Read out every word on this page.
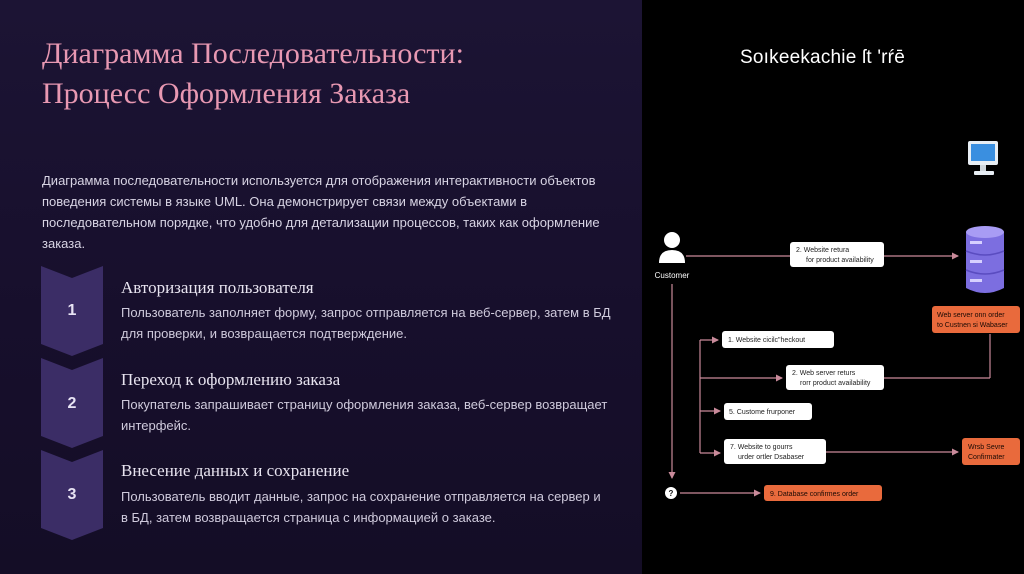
Диаграмма Последовательности:
Процесс Оформления Заказа

Диаграмма последовательности используется для отображения интерактивности объектов поведения системы в языке UML. Она демонстрирует связи между объектами в последовательном порядке, что удобно для детализации процессов, таких как оформление заказа.

1
Авторизация пользователя

Пользователь заполняет форму, запрос отправляется на веб-сервер, затем в БД для проверки, и возвращается подтверждение.

2
Переход к оформлению заказа

Покупатель запрашивает страницу оформления заказа, веб-сервер возвращает интерфейс.

3
Внесение данных и сохранение

Пользователь вводит данные, запрос на сохранение отправляется на сервер и в БД, затем возвращается страница с информацией о заказе.

Soıkeekachie ſt 'rŕē
Customer
2. Website retura
for product availability
Web server onn order
to Custnen si Wabaser
1. Website cicilc"heckout
2. Web server returs
rorr product availability
5. Custome frurponer
7. Website to gourrs
urder ortler Dsabaser
Wrsb Sevre
Confirmater
?	9. Database confirmes order
